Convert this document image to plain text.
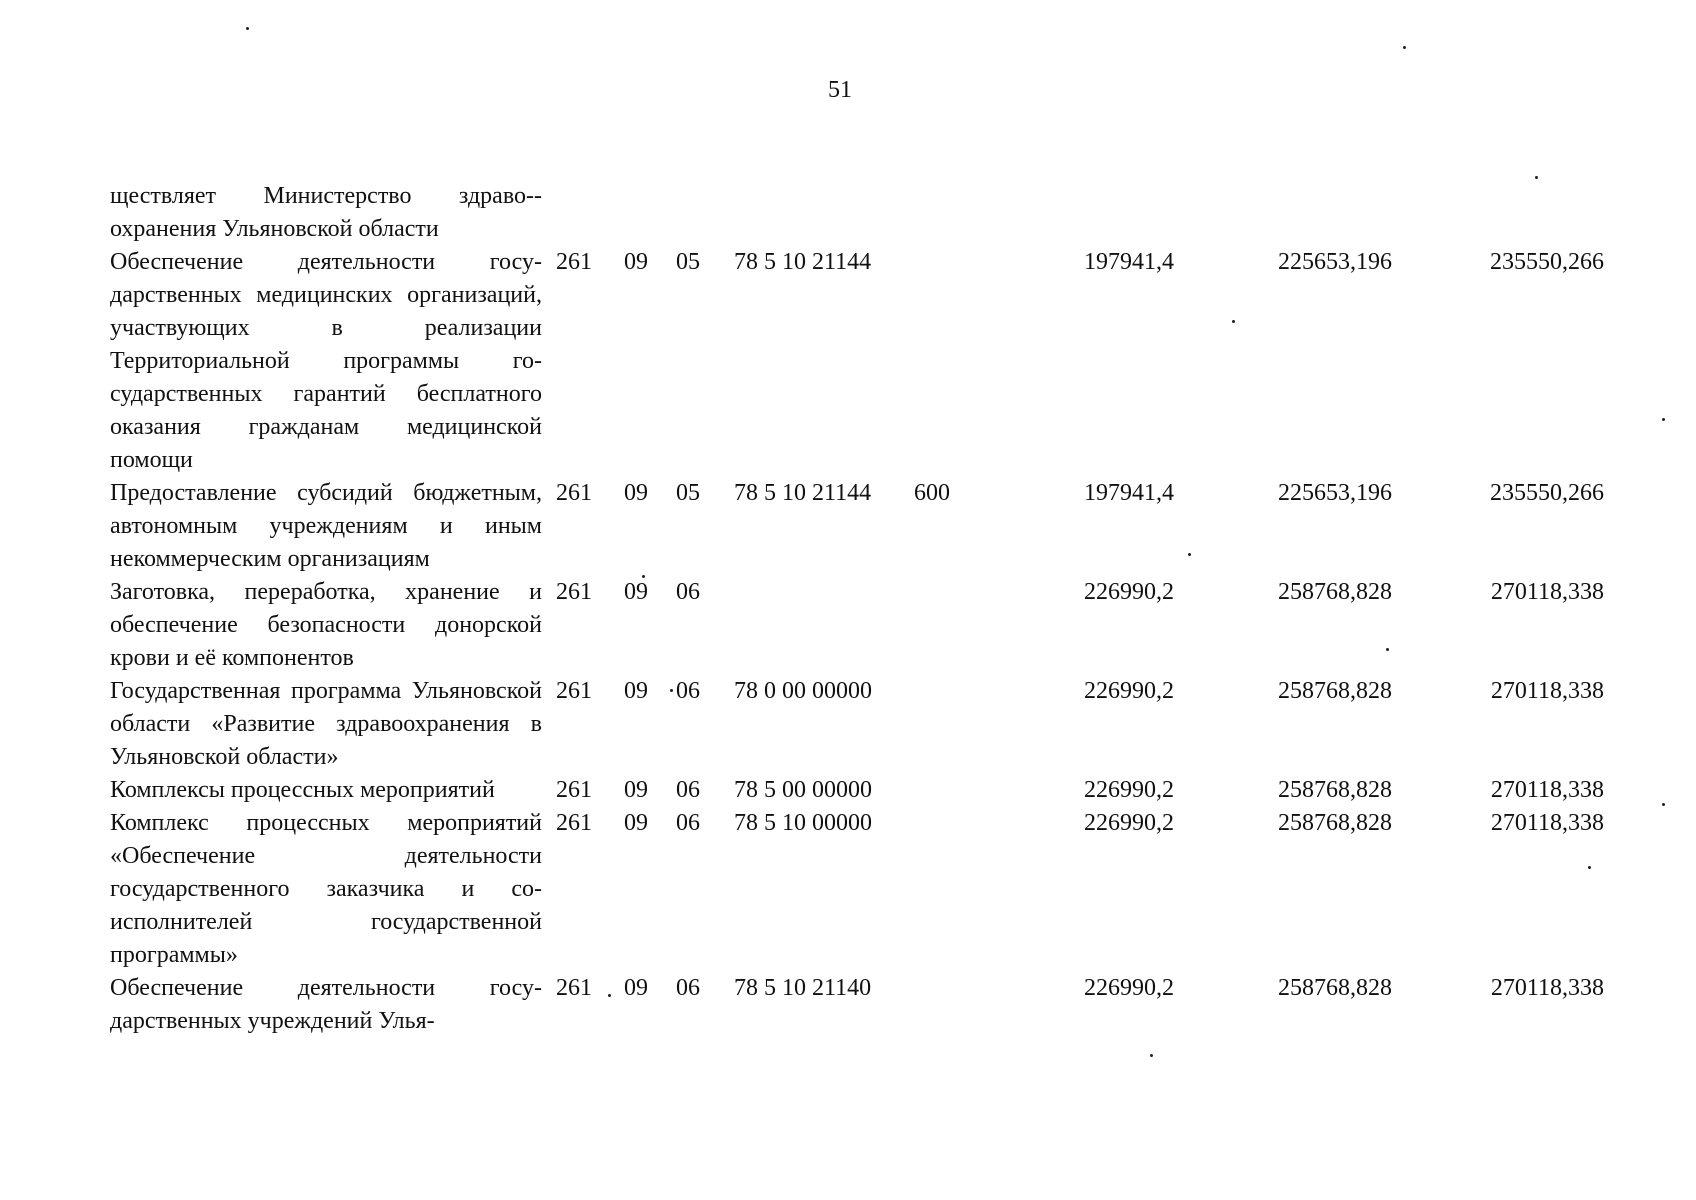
51
ществляет Министерство здраво-охранения Ульяновской области								
Обеспечение деятельности государственных медицинских организаций, участвующих в реализации Территориальной программы государственных гарантий бесплатного оказания гражданам медицинской помощи	261	09	05	78 5 10 21144		197941,4	225653,196	235550,266
Предоставление субсидий бюджетным, автономным учреждениям и иным некоммерческим организациям	261	09	05	78 5 10 21144	600	197941,4	225653,196	235550,266
Заготовка, переработка, хранение и обеспечение безопасности донорской крови и её компонентов	261	09	06			226990,2	258768,828	270118,338
Государственная программа Ульяновской области «Развитие здравоохранения в Ульяновской области»	261	09	06	78 0 00 00000		226990,2	258768,828	270118,338
Комплексы процессных мероприятий	261	09	06	78 5 00 00000		226990,2	258768,828	270118,338
Комплекс процессных мероприятий «Обеспечение деятельности государственного заказчика и соисполнителей государственной программы»	261	09	06	78 5 10 00000		226990,2	258768,828	270118,338
Обеспечение деятельности государственных учреждений Улья-	261	09	06	78 5 10 21140		226990,2	258768,828	270118,338
